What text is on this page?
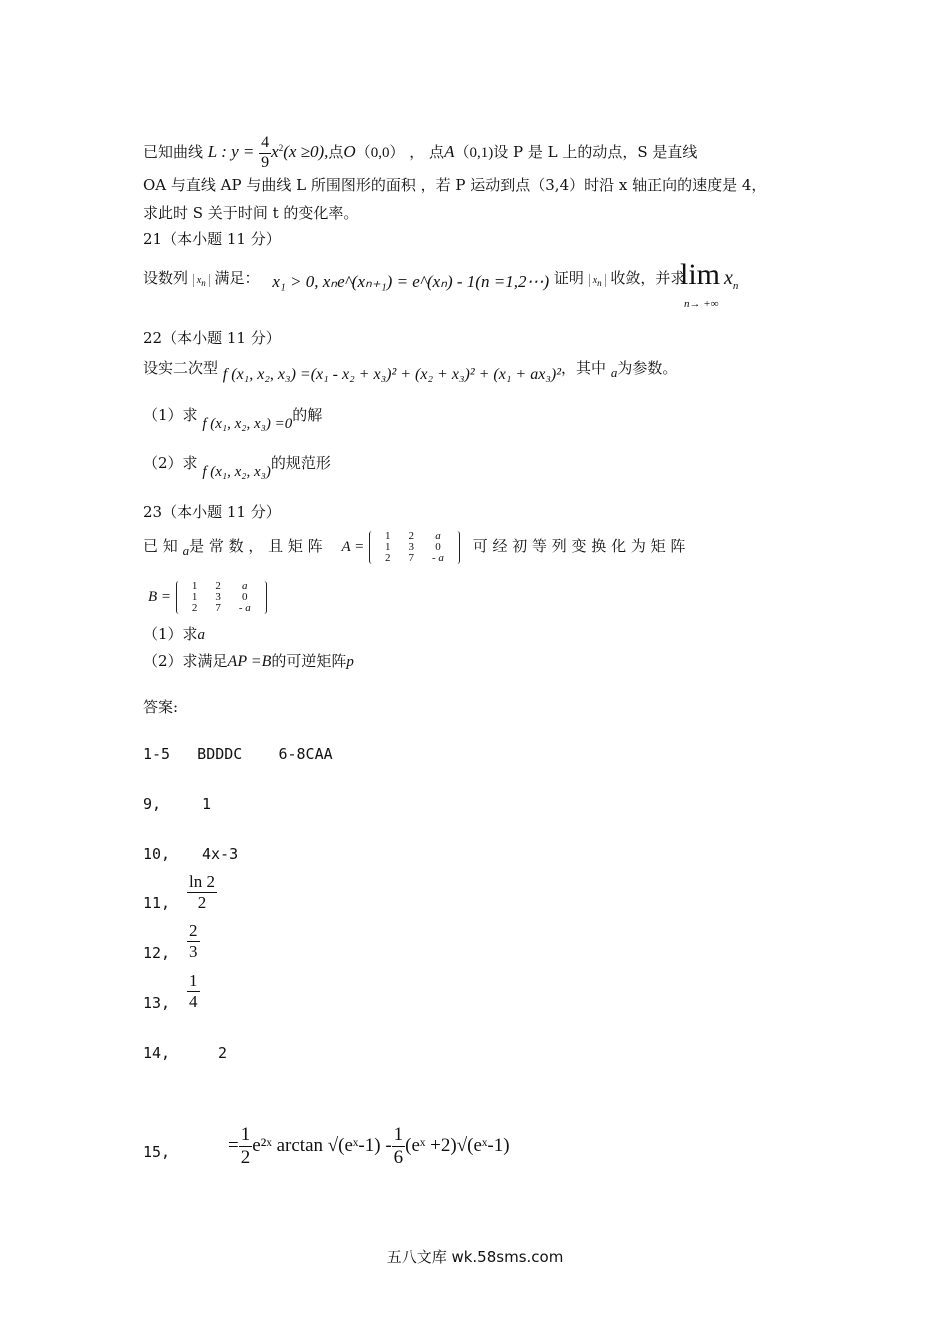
已知曲线 L : $y = \frac{4}{9} x^2(x \ge 0)$,点O（0,0） ， 点A（0,1)设 P 是 L 上的动点，S 是直线
OA 与直线 AP 与曲线 L 所围图形的面积 ，若 P 运动到点（3,4）时沿 x 轴正向的速度是 4，
求此时 S 关于时间 t 的变化率。
21（本小题 11 分）
设数列 $x_n$ 满足： x₁ > 0, xₙe^(xₙ₊₁) = e^(xₙ) - 1(n =1,2⋯) 证明 $x_n$ 收敛，并求
$\lim x_n$
n→ +∞
22（本小题 11 分）
设实二次型 f (x₁, x₂, x₃) =(x₁ - x₂ + x₃)² + (x₂ + x₃)² + (x₁ + ax₃)²，其中 a为参数。
（1）求 f (x₁, x₂, x₃) =0的解
（2）求 f (x₁, x₂, x₃)的规范形
23（本小题 11 分）
已 知 a是 常 数 ， 且 矩 阵 A =
1	2	a
1	3	0
2	7	- a
可 经 初 等 列 变 换 化 为 矩 阵
B =
1	2	a
1	3	0
2	7	- a
（1）求a
（2）求满足AP =B的可逆矩阵p
答案:
1-5   BDDDC    6-8CAA
9,	1
10, 4x-3
11, $\frac{\ln 2}{2}$
12, $\frac{2}{3}$
13, $\frac{1}{4}$
14,	2
15,	= $\frac{1}{2}$ e²ˣ arctan √(eˣ-1) - $\frac{1}{6}$ (eˣ +2)√(eˣ-1)
五八文库 wk.58sms.com
